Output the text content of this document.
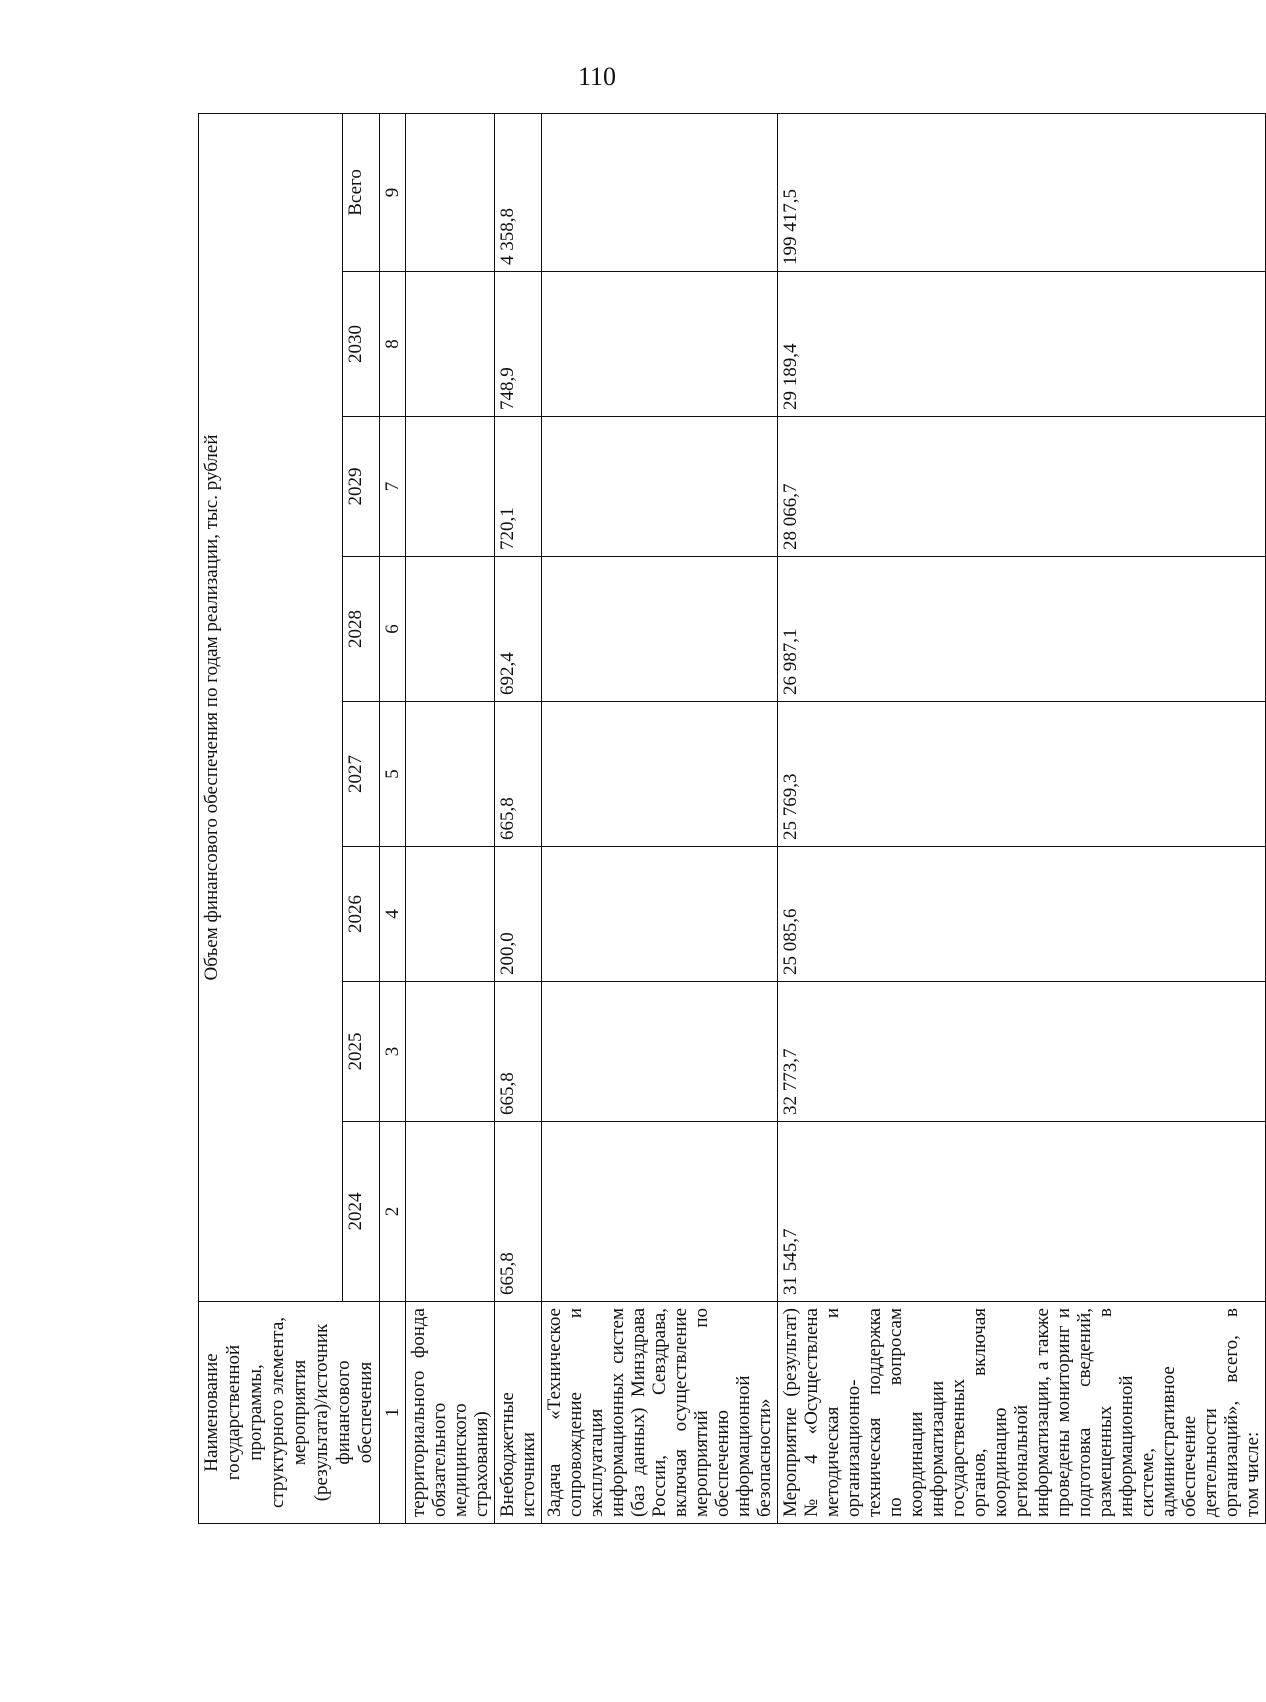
110
Наименование государственной программы, структурного элемента, мероприятия (результата)/источник финансового обеспечения	Объем финансового обеспечения по годам реализации, тыс. рублей							
	2024	2025	2026	2027	2028	2029	2030	Всего
1	2	3	4	5	6	7	8	9
территориального фонда обязательного медицинского страхования)								
Внебюджетные источники	665,8	665,8	200,0	665,8	692,4	720,1	748,9	4 358,8
Задача «Техническое сопровождение и эксплуатация информационных систем (баз данных) Минздрава России, Севздрава, включая осуществление мероприятий по обеспечению информационной безопасности»								
Мероприятие (результат) № 4 «Осуществлена методическая и организационно-техническая поддержка по вопросам координации информатизации государственных органов, включая координацию региональной информатизации, а также проведены мониторинг и подготовка сведений, размещенных в информационной системе, административное обеспечение деятельности организаций», всего, в том числе:	31 545,7	32 773,7	25 085,6	25 769,3	26 987,1	28 066,7	29 189,4	199 417,5
